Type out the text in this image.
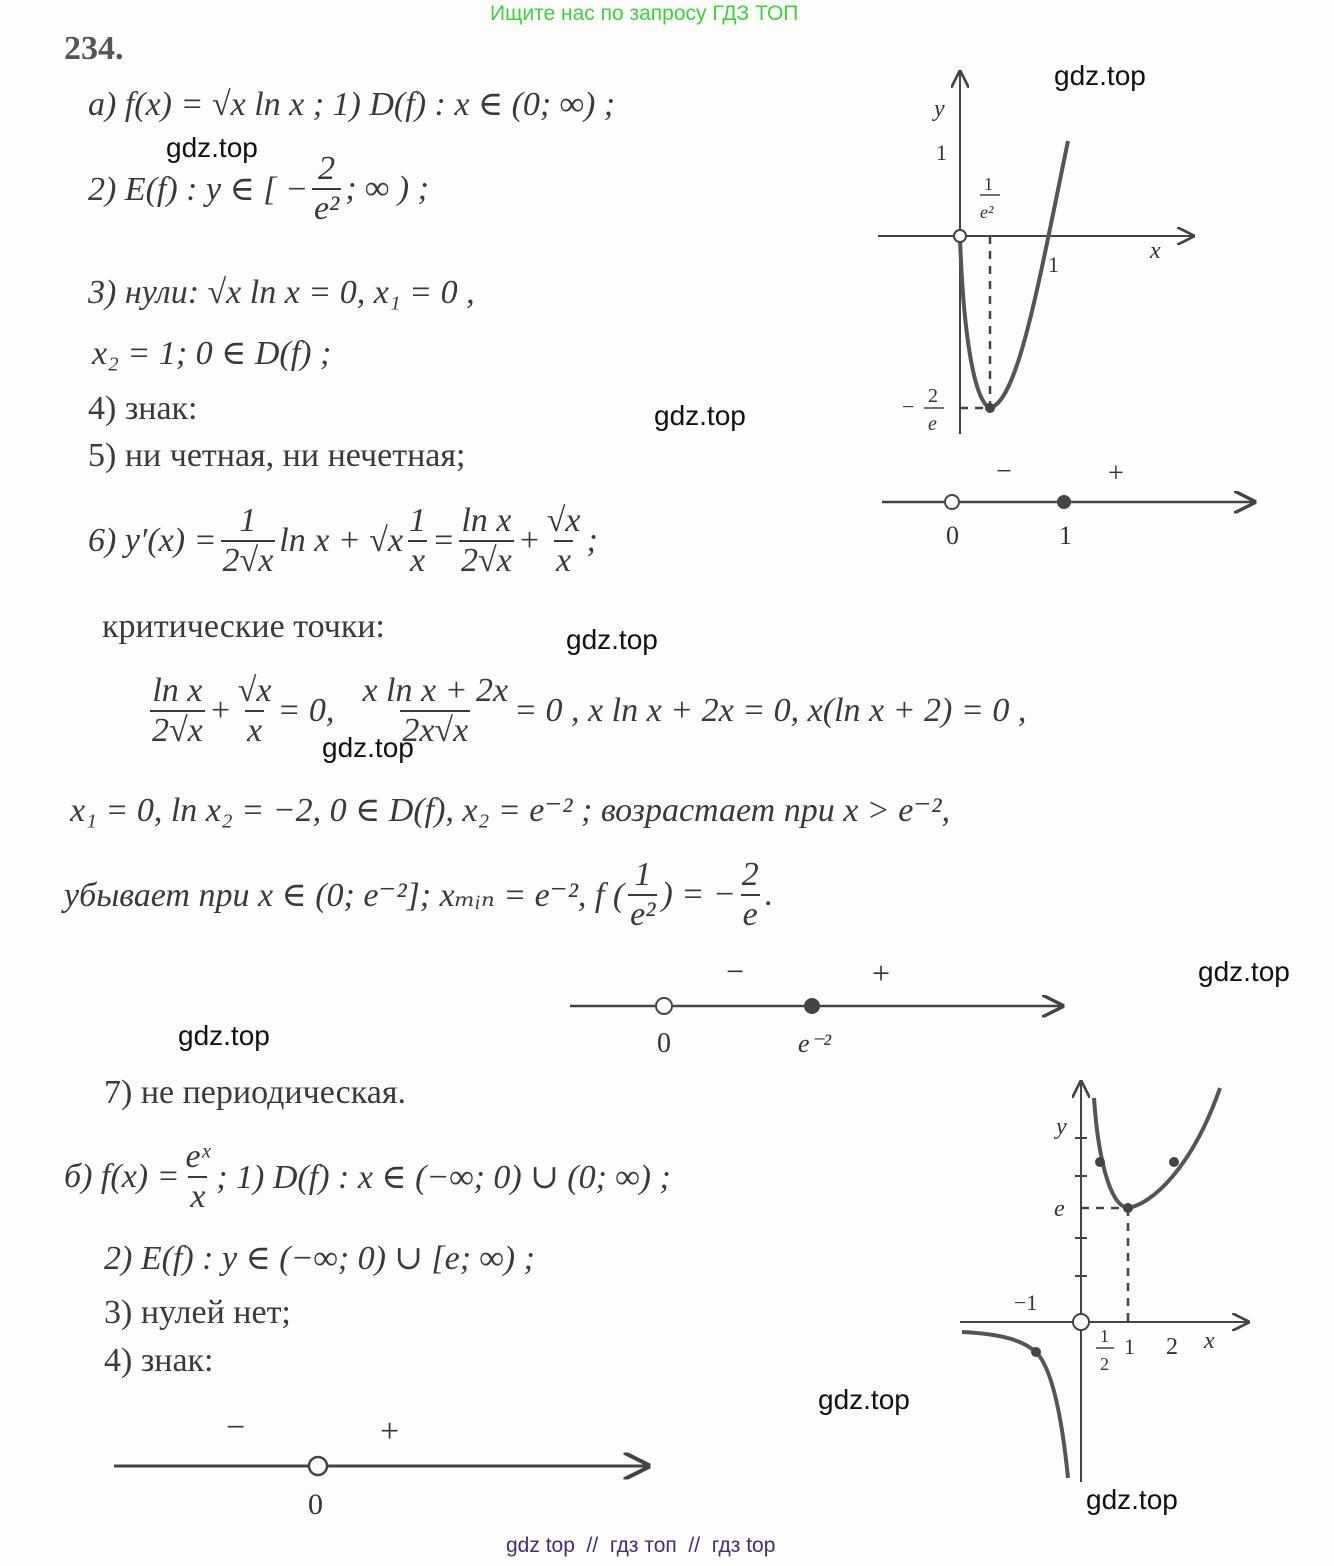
Ищите нас по запросу ГДЗ ТОП
234.
а) f(x) = √x ln x ; 1) D(f) : x ∈ (0; ∞) ;
2) E(f) : y ∈ [ − $\frac{2}{\text{e²}}$ ; ∞ ) ;
3) нули: √x ln x = 0, x₁ = 0 ,
x₂ = 1; 0 ∈ D(f) ;
4) знак:
5) ни четная, ни нечетная;
6) $y'(x) = \frac{1}{2√x}$ $\ln x + √x \frac{1}{x} = \frac{\text{ln x}}{2√x} + \frac{√x}{x}$ ;
критические точки:
$\frac{\text{ln x}}{2√x} + \frac{√x}{x} = 0$, $\frac{\text{x ln x + 2x}}{2x√x} = 0$ , x ln x + 2x = 0, x(ln x + 2) = 0 ,
x₁ = 0, ln x₂ = −2, 0 ∈ D(f), x₂ = e⁻² ; возрастает при x > e⁻²,
убывает при x ∈ (0; e⁻²]; xₘᵢₙ = e⁻², f ( $\frac{1}{\text{e²}}$ ) = − $\frac{2}{e}$ .
7) не периодическая.
б) $f(x) = \frac{\text{eˣ}}{x}$ ; 1) D(f) : x ∈ (−∞; 0) ∪ (0; ∞) ;
2) E(f) : y ∈ (−∞; 0) ∪ [e; ∞) ;
3) нулей нет;
4) знак:
y
x
1
1
1
e²
− 2
e
−	+
0	1
−	+
0	e⁻²
−	+
0
y
x
e
−1
1
2
1 2
gdz.top
gdz.top
gdz.top
gdz.top
gdz.top
gdz.top
gdz.top
gdz.top
gdz.top
gdz top  //  гдз топ  //  гдз top
